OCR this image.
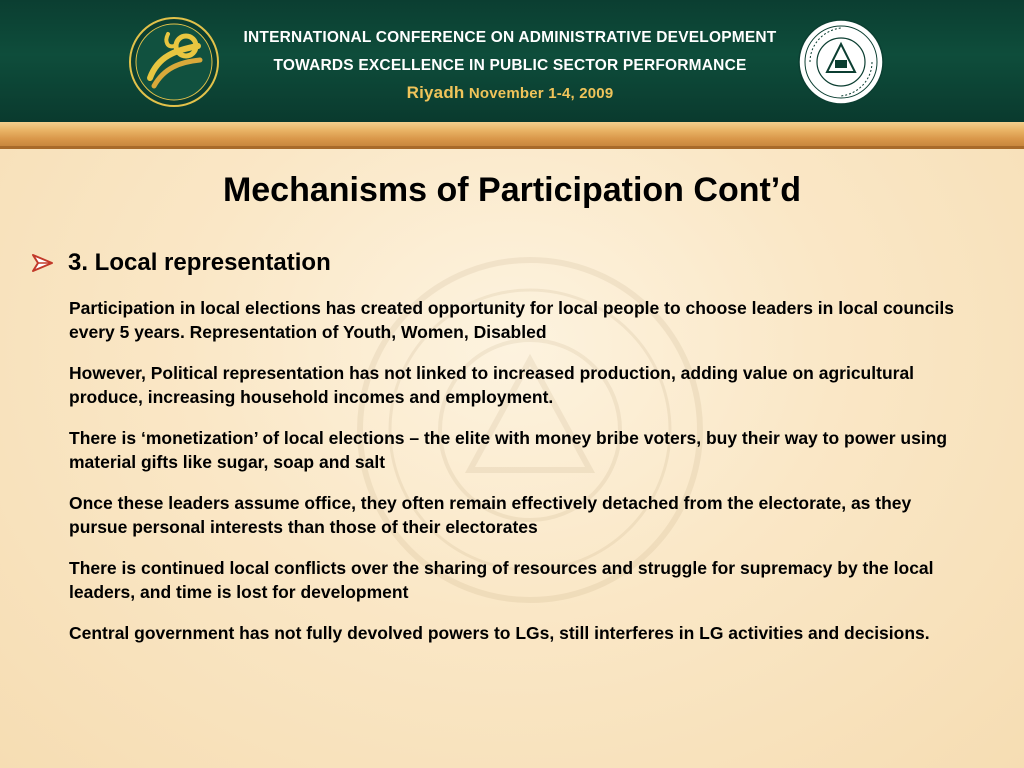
INTERNATIONAL CONFERENCE ON ADMINISTRATIVE DEVELOPMENT
TOWARDS EXCELLENCE IN PUBLIC SECTOR PERFORMANCE
Riyadh November 1-4, 2009
Mechanisms of Participation Cont’d
3. Local representation

Participation in local elections has created opportunity for local people to choose leaders in local councils every 5 years. Representation of Youth, Women, Disabled

However, Political representation has not linked to increased production, adding value on agricultural produce, increasing household incomes and employment.

There is ‘monetization’ of local elections – the elite with money bribe voters, buy their way to power using material gifts like sugar, soap and salt

Once these leaders assume office, they often remain effectively detached from the electorate, as they pursue personal interests than those of their electorates

There is continued local conflicts over the sharing of resources and struggle for supremacy by the local leaders, and time is lost for development

Central government has not fully devolved powers to LGs, still interferes in LG activities and decisions.
